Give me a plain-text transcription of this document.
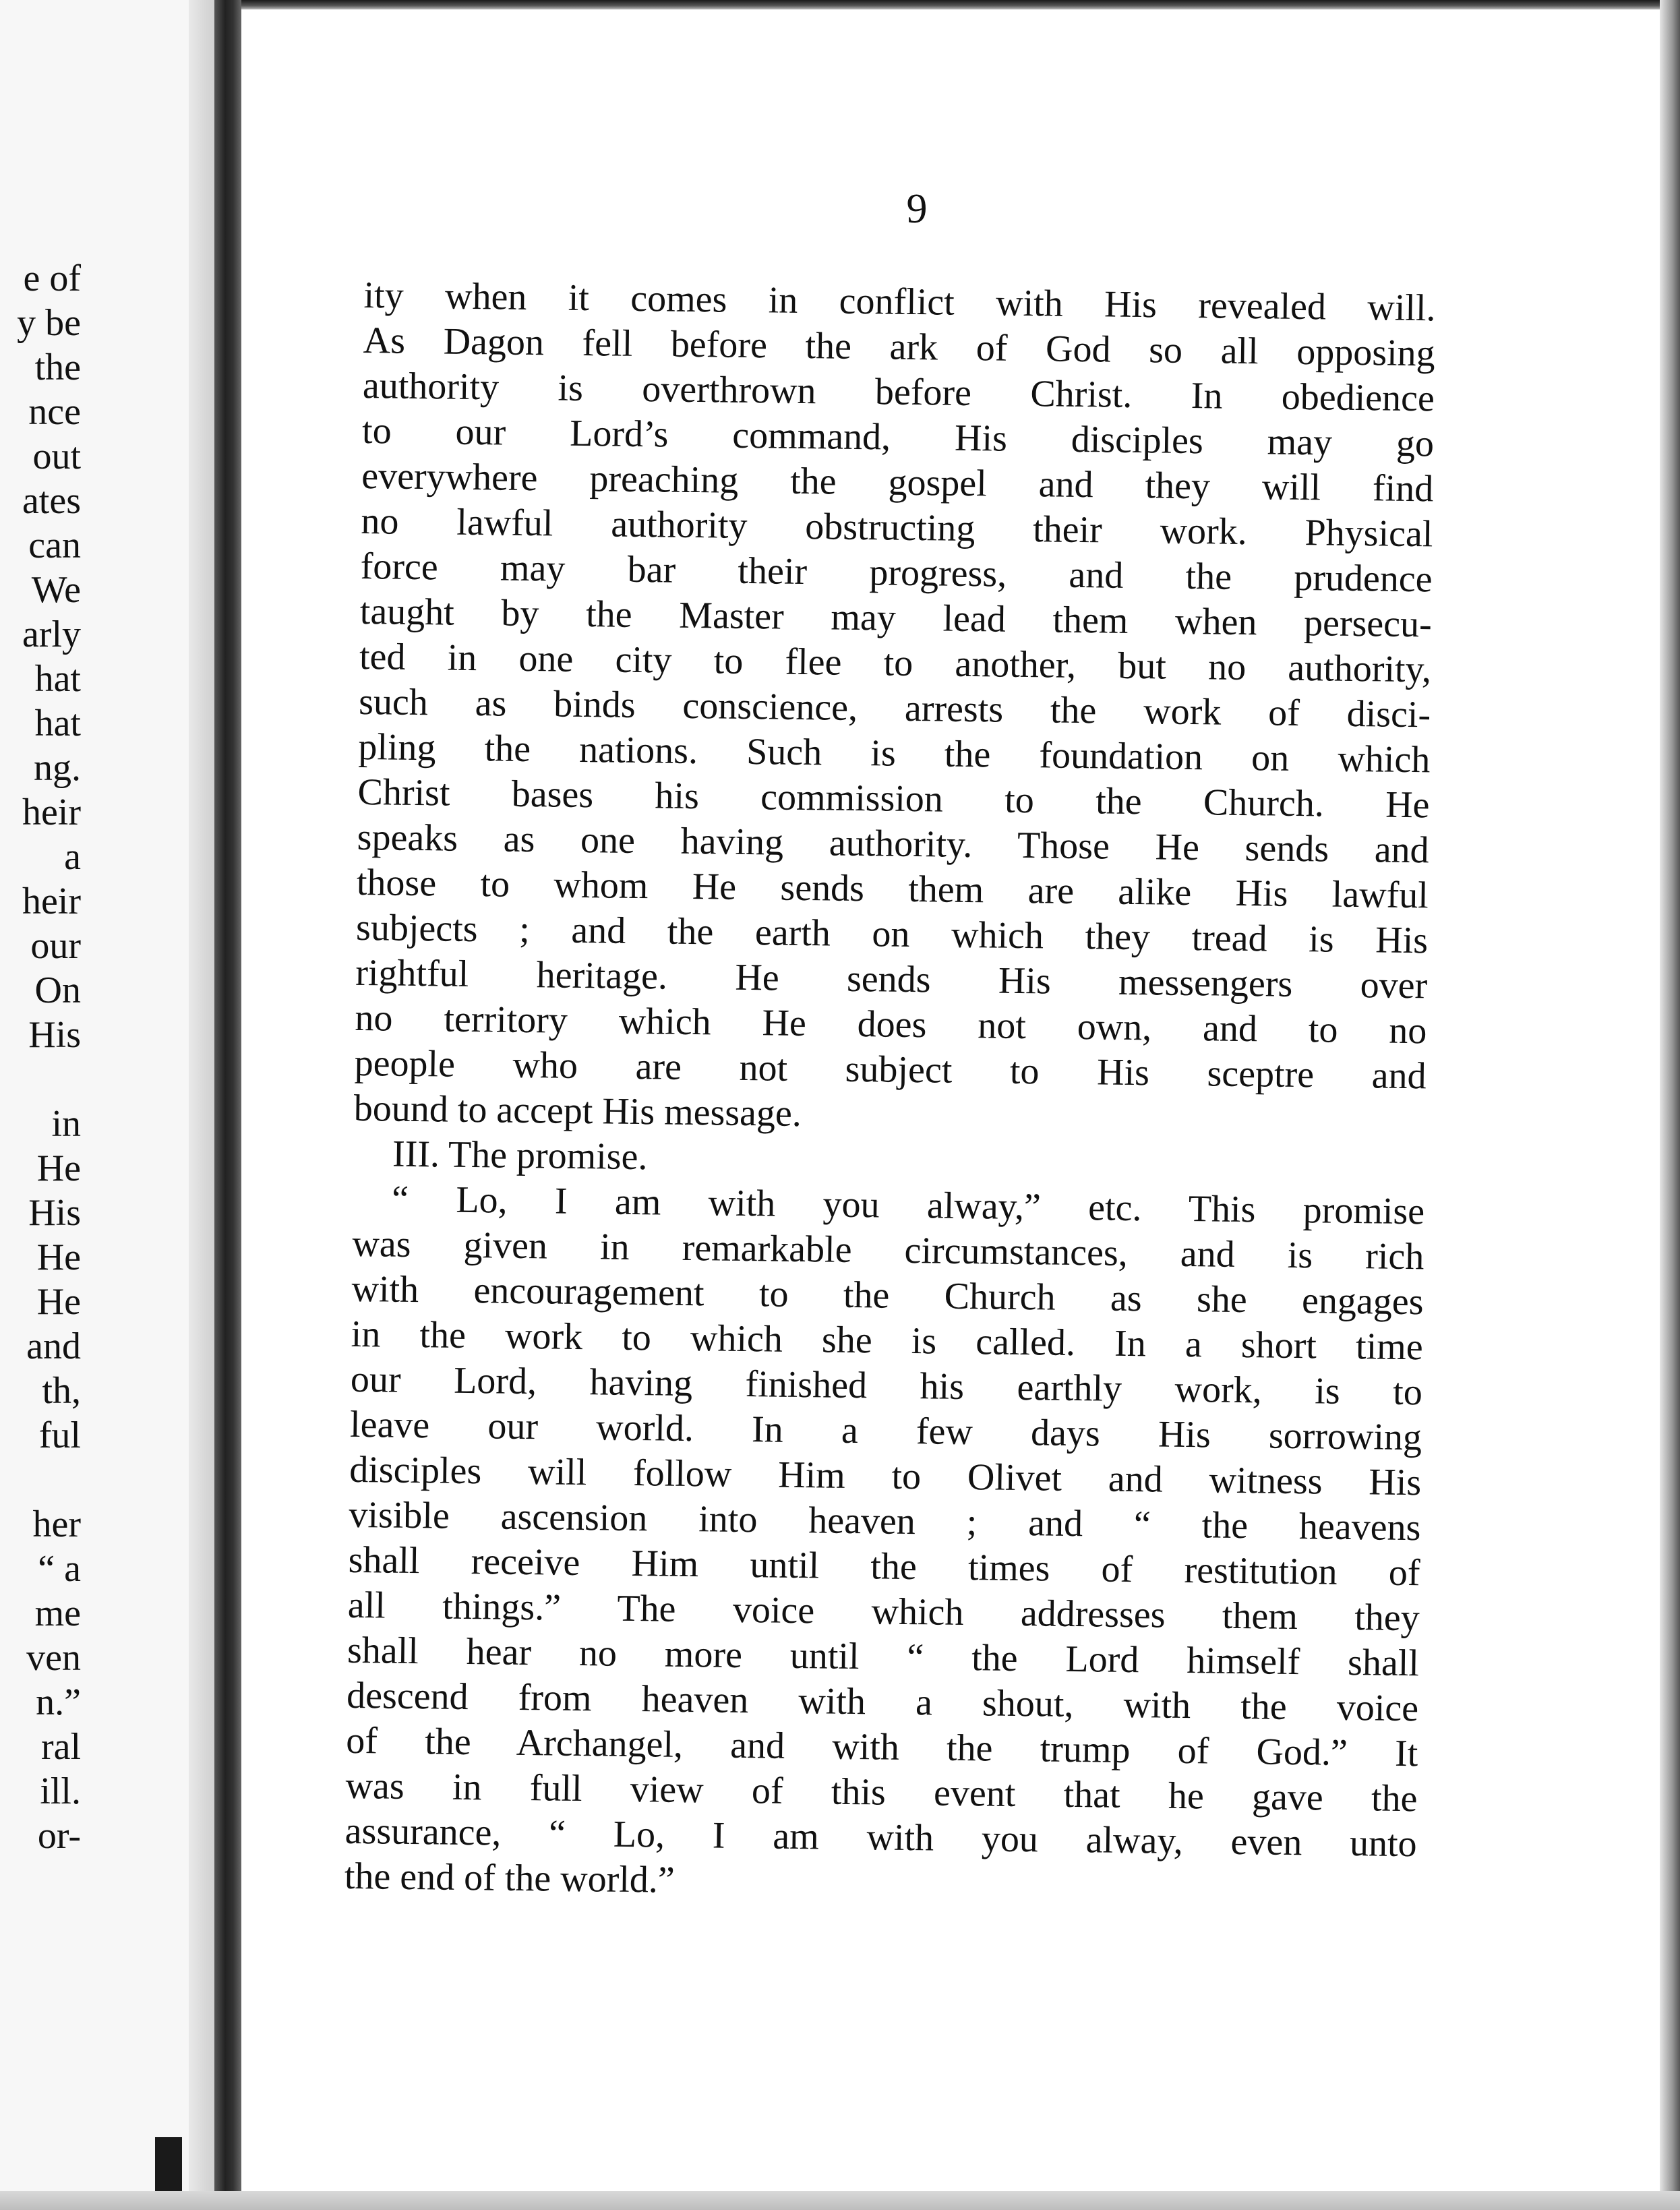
e of
y be
the
nce
out
ates
can
We
arly
hat
hat
ng.
heir
a
heir
our
On
His
in
He
His
He
He
and
th,
ful
her
“ a
me
ven
n.”
ral
ill.
or-
9
ity when it comes in conflict with His revealed will.
As Dagon fell before the ark of God so all opposing
authority is overthrown before Christ. In obedience
to our Lord’s command, His disciples may go
everywhere preaching the gospel and they will find
no lawful authority obstructing their work. Physical
force may bar their progress, and the prudence
taught by the Master may lead them when persecu-
ted in one city to flee to another, but no authority,
such as binds conscience, arrests the work of disci-
pling the nations. Such is the foundation on which
Christ bases his commission to the Church. He
speaks as one having authority. Those He sends and
those to whom He sends them are alike His lawful
subjects ; and the earth on which they tread is His
rightful heritage. He sends His messengers over
no territory which He does not own, and to no
people who are not subject to His sceptre and
bound to accept His message.
III. The promise.
“ Lo, I am with you alway,” etc. This promise
was given in remarkable circumstances, and is rich
with encouragement to the Church as she engages
in the work to which she is called. In a short time
our Lord, having finished his earthly work, is to
leave our world. In a few days His sorrowing
disciples will follow Him to Olivet and witness His
visible ascension into heaven ; and “ the heavens
shall receive Him until the times of restitution of
all things.” The voice which addresses them they
shall hear no more until “ the Lord himself shall
descend from heaven with a shout, with the voice
of the Archangel, and with the trump of God.” It
was in full view of this event that he gave the
assurance, “ Lo, I am with you alway, even unto
the end of the world.”
